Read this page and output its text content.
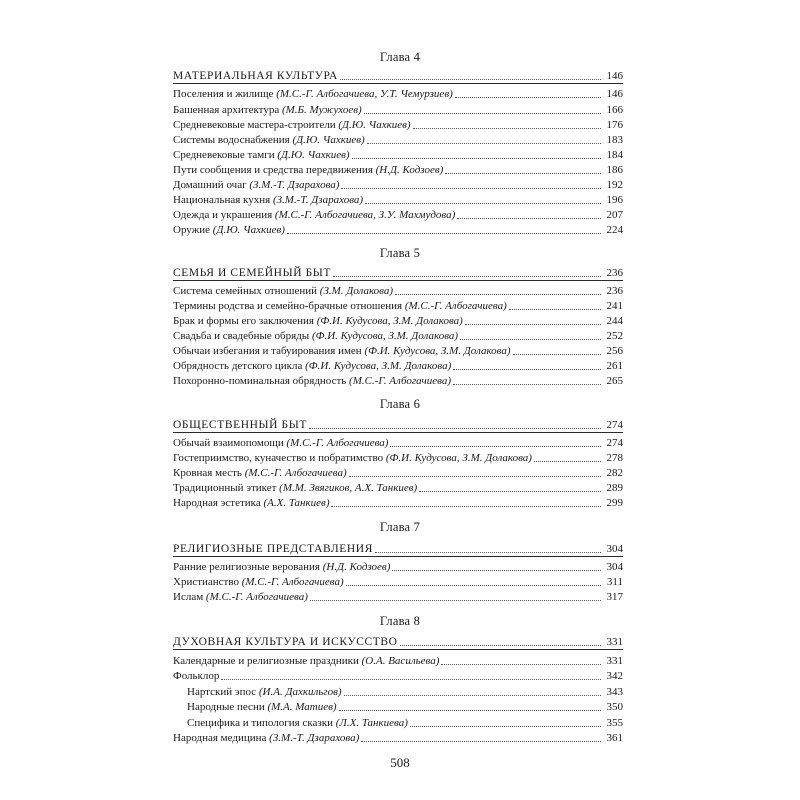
Глава 4
МАТЕРИАЛЬНАЯ КУЛЬТУРА	146
Поселения и жилище (М.С.-Г. Албогачиева, У.Т. Чемурзиев)	146
Башенная архитектура (М.Б. Мужухоев)	166
Средневековые мастера-строители (Д.Ю. Чахкиев)	176
Системы водоснабжения (Д.Ю. Чахкиев)	183
Средневековые тамги (Д.Ю. Чахкиев)	184
Пути сообщения и средства передвижения (Н.Д. Кодзоев)	186
Домашний очаг (З.М.-Т. Дзарахова)	192
Национальная кухня (З.М.-Т. Дзарахова)	196
Одежда и украшения (М.С.-Г. Албогачиева, З.У. Махмудова)	207
Оружие (Д.Ю. Чахкиев)	224
Глава 5
СЕМЬЯ И СЕМЕЙНЫЙ БЫТ	236
Система семейных отношений (З.М. Долакова)	236
Термины родства и семейно-брачные отношения (М.С.-Г. Албогачиева)	241
Брак и формы его заключения (Ф.И. Кудусова, З.М. Долакова)	244
Свадьба и свадебные обряды (Ф.И. Кудусова, З.М. Долакова)	252
Обычаи избегания и табуирования имен (Ф.И. Кудусова, З.М. Долакова)	256
Обрядность детского цикла (Ф.И. Кудусова, З.М. Долакова)	261
Похоронно-поминальная обрядность (М.С.-Г. Албогачиева)	265
Глава 6
ОБЩЕСТВЕННЫЙ БЫТ	274
Обычай взаимопомощи (М.С.-Г. Албогачиева)	274
Гостеприимство, куначество и побратимство (Ф.И. Кудусова, З.М. Долакова)	278
Кровная месть (М.С.-Г. Албогачиева)	282
Традиционный этикет (М.М. Звягиков, А.Х. Танкиев)	289
Народная эстетика (А.Х. Танкиев)	299
Глава 7
РЕЛИГИОЗНЫЕ ПРЕДСТАВЛЕНИЯ	304
Ранние религиозные верования (Н.Д. Кодзоев)	304
Христианство (М.С.-Г. Албогачиева)	311
Ислам (М.С.-Г. Албогачиева)	317
Глава 8
ДУХОВНАЯ КУЛЬТУРА И ИСКУССТВО	331
Календарные и религиозные праздники (О.А. Васильева)	331
Фольклор	342
Нартский эпос (И.А. Дахкильгов)	343
Народные песни (М.А. Матиев)	350
Специфика и типология сказки (Л.Х. Танкиева)	355
Народная медицина (З.М.-Т. Дзарахова)	361
508
